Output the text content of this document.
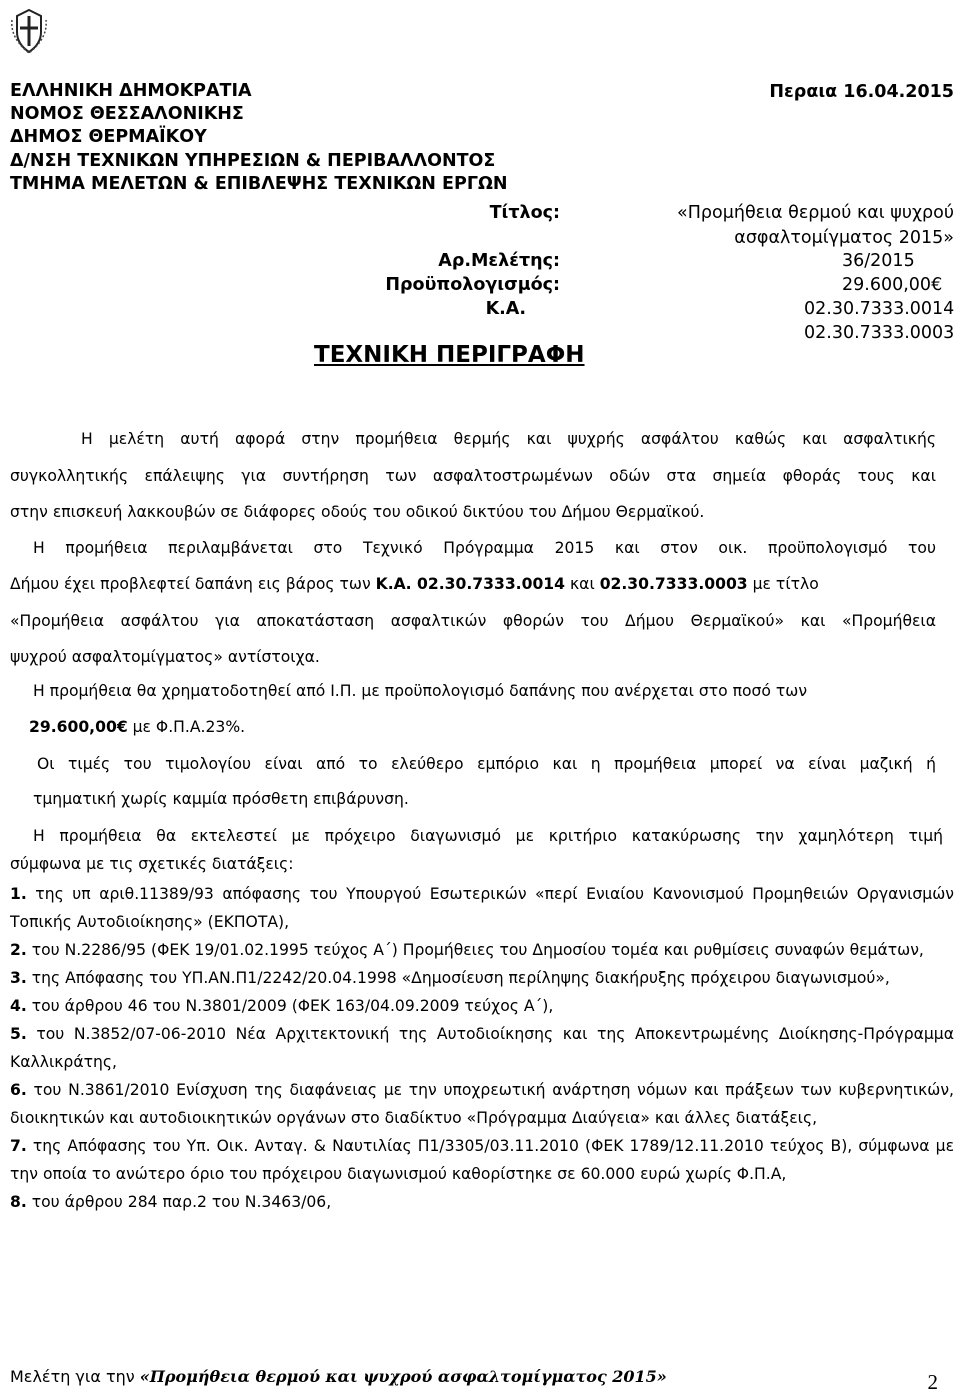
ΕΛΛΗΝΙΚΗ ΔΗΜΟΚΡΑΤΙΑ
ΝΟΜΟΣ ΘΕΣΣΑΛΟΝΙΚΗΣ
ΔΗΜΟΣ ΘΕΡΜΑΪΚΟΥ
Δ/ΝΣΗ ΤΕΧΝΙΚΩΝ ΥΠΗΡΕΣΙΩΝ & ΠΕΡΙΒΑΛΛΟΝΤΟΣ
ΤΜΗΜΑ ΜΕΛΕΤΩΝ & ΕΠΙΒΛΕΨΗΣ ΤΕΧΝΙΚΩΝ ΕΡΓΩΝ
Περαια 16.04.2015
Τίτλος:	«Προμήθεια θερμού και ψυχρού
ασφαλτομίγματος 2015»
Αρ.Μελέτης:	36/2015
Προϋπολογισμός:	29.600,00€
Κ.Α.	02.30.7333.0014
02.30.7333.0003
ΤΕΧΝΙΚΗ ΠΕΡΙΓΡΑΦΗ
Η μελέτη αυτή αφορά στην προμήθεια θερμής και ψυχρής ασφάλτου καθώς και ασφαλτικής
συγκολλητικής επάλειψης για συντήρηση των ασφαλτοστρωμένων οδών στα σημεία φθοράς τους και
στην επισκευή λακκουβών σε διάφορες οδούς του οδικού δικτύου του Δήμου Θερμαϊκού.
Η προμήθεια περιλαμβάνεται στο Τεχνικό Πρόγραμμα 2015 και στον οικ. προϋπολογισμό του
Δήμου έχει προβλεφτεί δαπάνη εις βάρος των Κ.Α. 02.30.7333.0014 και 02.30.7333.0003 με τίτλο
«Προμήθεια ασφάλτου για αποκατάσταση ασφαλτικών φθορών του Δήμου Θερμαϊκού» και «Προμήθεια
ψυχρού ασφαλτομίγματος» αντίστοιχα.
Η προμήθεια θα χρηματοδοτηθεί από Ι.Π. με προϋπολογισμό δαπάνης που ανέρχεται στο ποσό των
29.600,00€ με Φ.Π.Α.23%.
Οι τιμές του τιμολογίου είναι από το ελεύθερο εμπόριο και η προμήθεια μπορεί να είναι μαζική ή
τμηματική χωρίς καμμία πρόσθετη επιβάρυνση.
Η προμήθεια θα εκτελεστεί με πρόχειρο διαγωνισμό με κριτήριο κατακύρωσης την χαμηλότερη τιμή
σύμφωνα με τις σχετικές διατάξεις:
1. της υπ αριθ.11389/93 απόφασης του Υπουργού Εσωτερικών «περί Ενιαίου Κανονισμού Προμηθειών Οργανισμών Τοπικής Αυτοδιοίκησης» (ΕΚΠΟΤΑ),
2. του Ν.2286/95 (ΦΕΚ 19/01.02.1995 τεύχος Α΄) Προμήθειες του Δημοσίου τομέα και ρυθμίσεις συναφών θεμάτων,
3. της Απόφασης του ΥΠ.ΑΝ.Π1/2242/20.04.1998 «Δημοσίευση περίληψης διακήρυξης πρόχειρου διαγωνισμού»,
4. του άρθρου 46 του Ν.3801/2009 (ΦΕΚ 163/04.09.2009 τεύχος Α΄),
5. του Ν.3852/07-06-2010 Νέα Αρχιτεκτονική της Αυτοδιοίκησης και της Αποκεντρωμένης Διοίκησης-Πρόγραμμα Καλλικράτης,
6. του Ν.3861/2010 Ενίσχυση της διαφάνειας με την υποχρεωτική ανάρτηση νόμων και πράξεων των κυβερνητικών, διοικητικών και αυτοδιοικητικών οργάνων στο διαδίκτυο «Πρόγραμμα Διαύγεια» και άλλες διατάξεις,
7. της Απόφασης του Υπ. Οικ. Ανταγ. & Ναυτιλίας Π1/3305/03.11.2010 (ΦΕΚ 1789/12.11.2010 τεύχος Β), σύμφωνα με την οποία το ανώτερο όριο του πρόχειρου διαγωνισμού καθορίστηκε σε 60.000 ευρώ χωρίς Φ.Π.Α,
8. του άρθρου 284 παρ.2 του Ν.3463/06,
Μελέτη για την «Προμήθεια θερμού και ψυχρού ασφαλτομίγματος 2015»	2
